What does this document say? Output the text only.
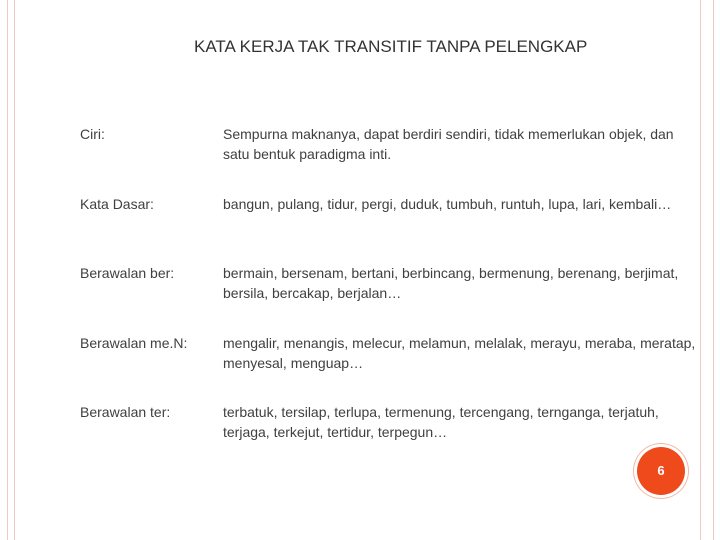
KATA KERJA TAK TRANSITIF TANPA PELENGKAP
Ciri:	Sempurna maknanya, dapat berdiri sendiri, tidak memerlukan objek, dan satu bentuk paradigma inti.
Kata Dasar:	bangun, pulang, tidur, pergi, duduk, tumbuh, runtuh, lupa, lari, kembali…
Berawalan ber:	bermain, bersenam, bertani, berbincang, bermenung, berenang, berjimat, bersila, bercakap, berjalan…
Berawalan me.N:	mengalir, menangis, melecur, melamun, melalak, merayu, meraba, meratap, menyesal, menguap…
Berawalan ter:	terbatuk, tersilap, terlupa, termenung, tercengang, ternganga, terjatuh, terjaga, terkejut, tertidur, terpegun…
6
